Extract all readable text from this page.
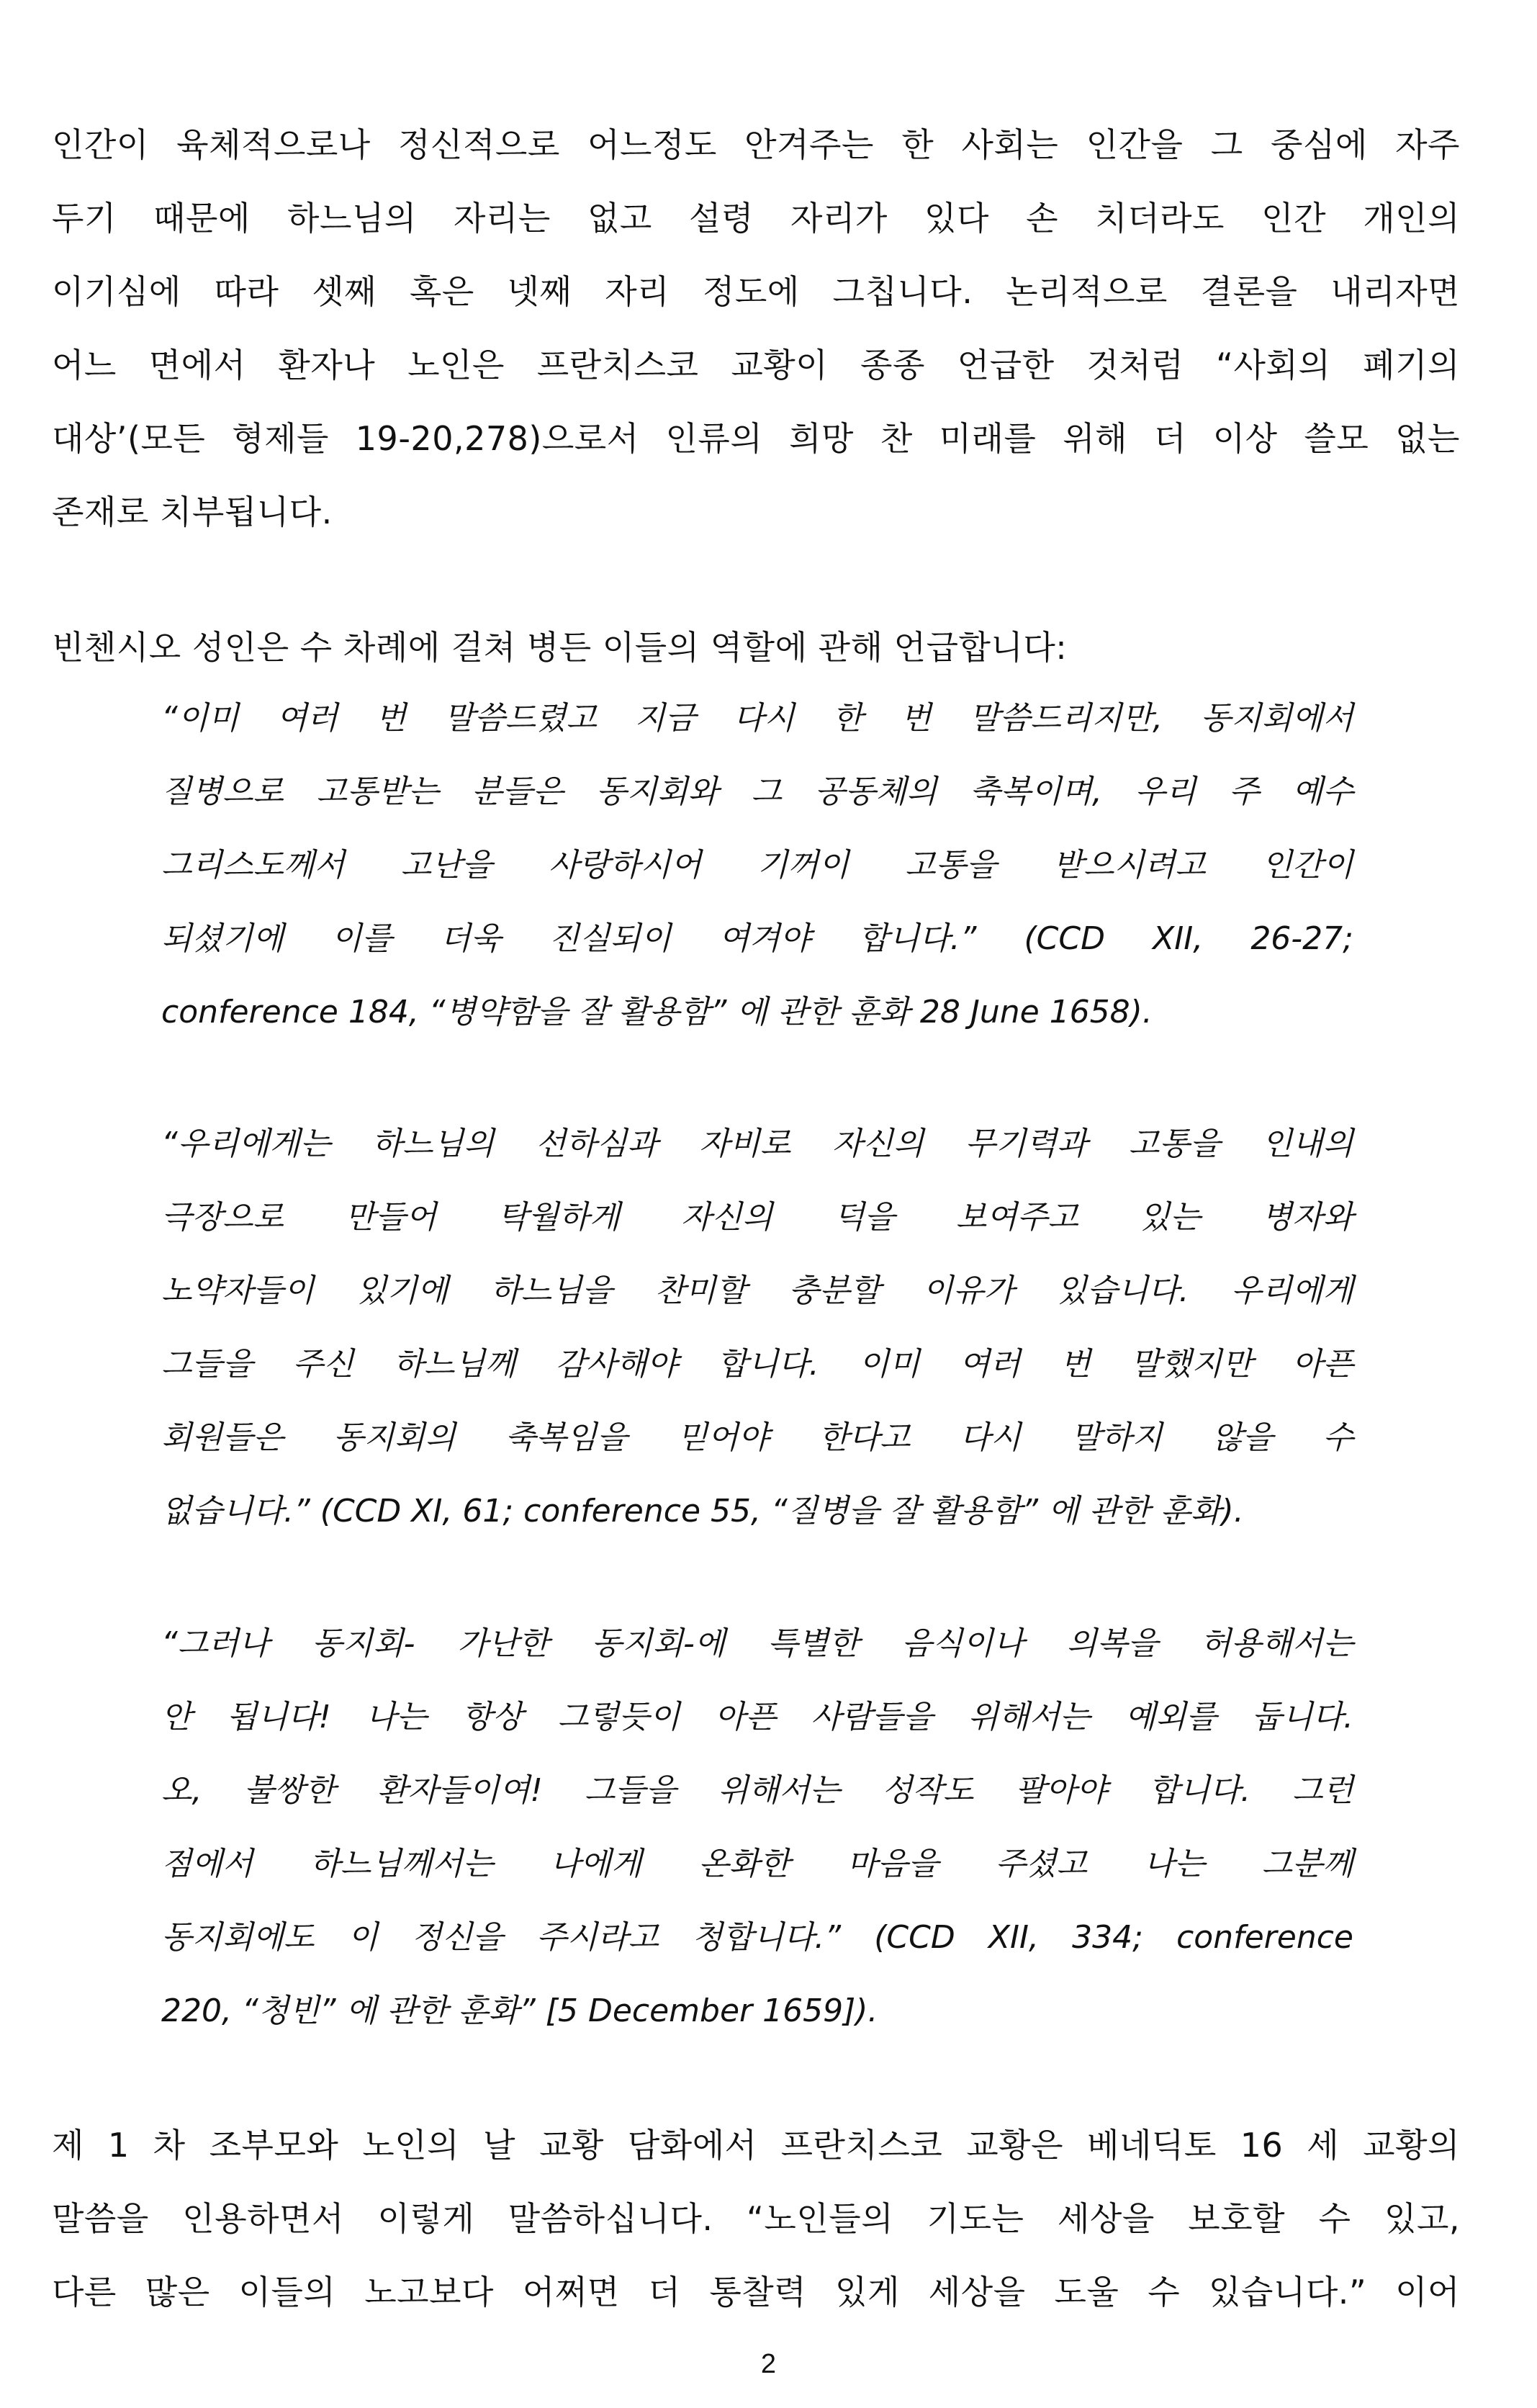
인간이 육체적으로나 정신적으로 어느정도 안겨주는 한 사회는 인간을 그 중심에 자주
두기 때문에 하느님의 자리는 없고 설령 자리가 있다 손 치더라도 인간 개인의
이기심에 따라 셋째 혹은 넷째 자리 정도에 그칩니다. 논리적으로 결론을 내리자면
어느 면에서 환자나 노인은 프란치스코 교황이 종종 언급한 것처럼 “사회의 폐기의
대상’(모든 형제들 19-20,278)으로서 인류의 희망 찬 미래를 위해 더 이상 쓸모 없는
존재로 치부됩니다.
빈첸시오 성인은 수 차례에 걸쳐 병든 이들의 역할에 관해 언급합니다:
“이미 여러 번 말씀드렸고 지금 다시 한 번 말씀드리지만, 동지회에서
질병으로 고통받는 분들은 동지회와 그 공동체의 축복이며, 우리 주 예수
그리스도께서 고난을 사랑하시어 기꺼이 고통을 받으시려고 인간이
되셨기에 이를 더욱 진실되이 여겨야 합니다.” (CCD XII, 26-27;
conference 184, “병약함을 잘 활용함” 에 관한 훈화 28 June 1658).
“우리에게는 하느님의 선하심과 자비로 자신의 무기력과 고통을 인내의
극장으로 만들어 탁월하게 자신의 덕을 보여주고 있는 병자와
노약자들이 있기에 하느님을 찬미할 충분할 이유가 있습니다. 우리에게
그들을 주신 하느님께 감사해야 합니다. 이미 여러 번 말했지만 아픈
회원들은 동지회의 축복임을 믿어야 한다고 다시 말하지 않을 수
없습니다.” (CCD XI, 61; conference 55, “질병을 잘 활용함” 에 관한 훈화).
“그러나 동지회- 가난한 동지회-에 특별한 음식이나 의복을 허용해서는
안 됩니다! 나는 항상 그렇듯이 아픈 사람들을 위해서는 예외를 둡니다.
오, 불쌍한 환자들이여! 그들을 위해서는 성작도 팔아야 합니다. 그런
점에서 하느님께서는 나에게 온화한 마음을 주셨고 나는 그분께
동지회에도 이 정신을 주시라고 청합니다.” (CCD XII, 334; conference
220, “청빈” 에 관한 훈화” [5 December 1659]).
제 1 차 조부모와 노인의 날 교황 담화에서 프란치스코 교황은 베네딕토 16 세 교황의
말씀을 인용하면서 이렇게 말씀하십니다. “노인들의 기도는 세상을 보호할 수 있고,
다른 많은 이들의 노고보다 어쩌면 더 통찰력 있게 세상을 도울 수 있습니다.” 이어
2
